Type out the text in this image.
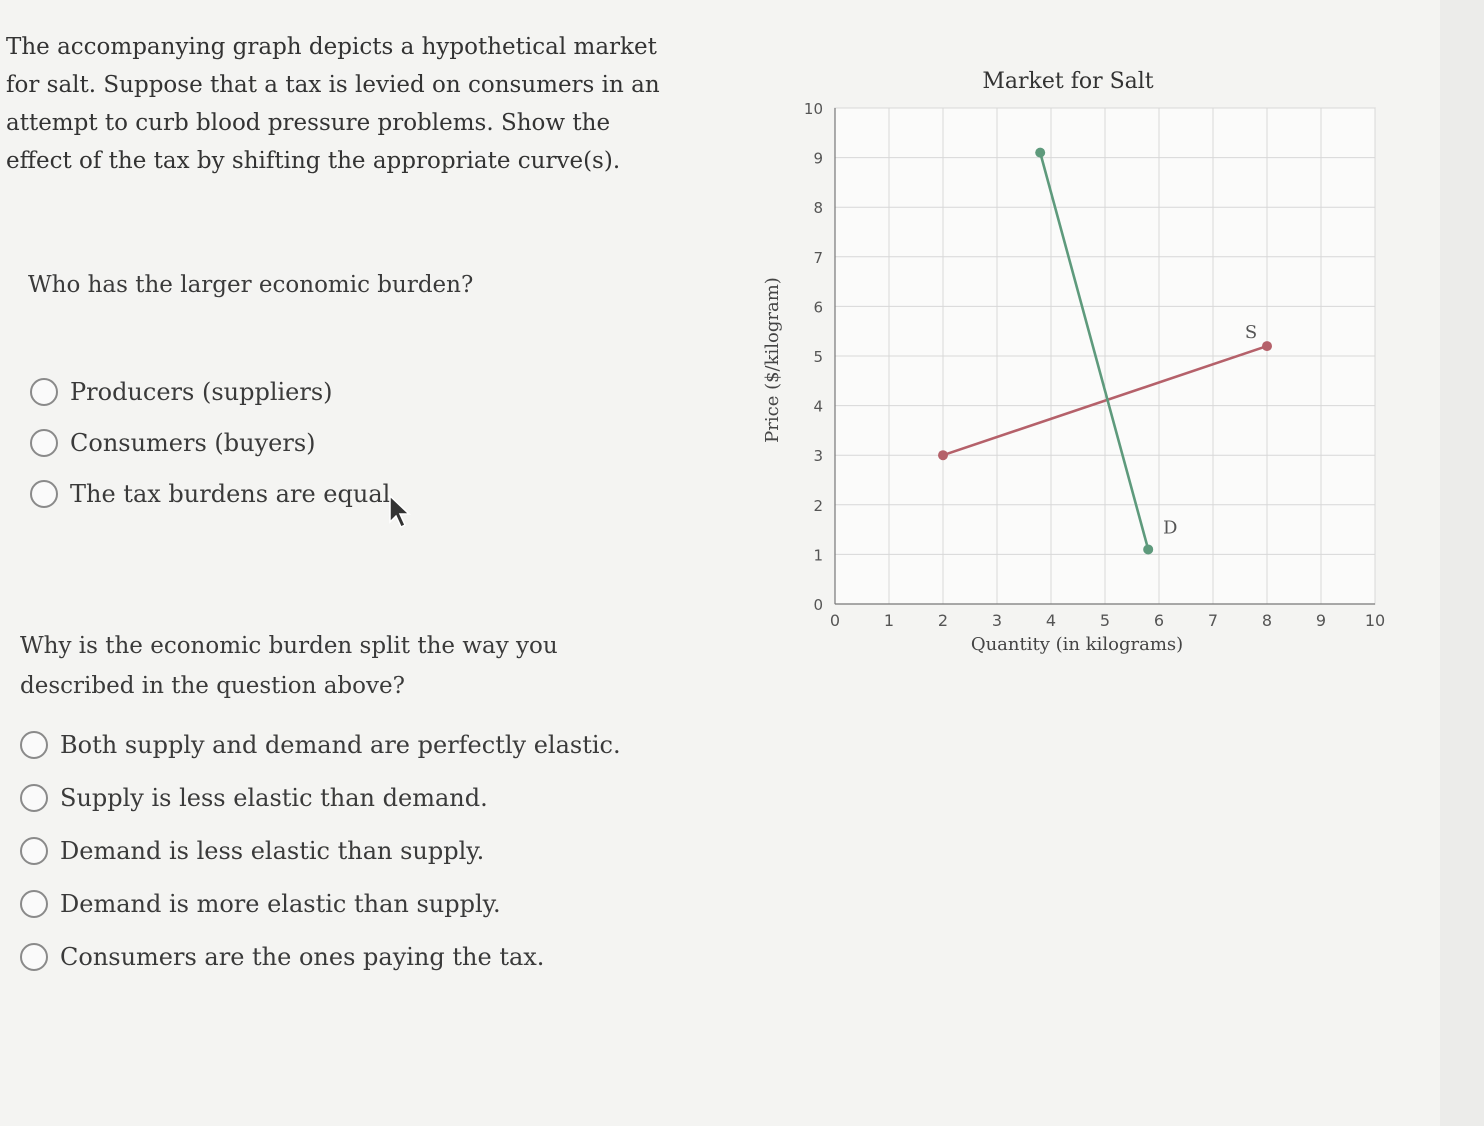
The accompanying graph depicts a hypothetical market for salt. Suppose that a tax is levied on consumers in an attempt to curb blood pressure problems. Show the effect of the tax by shifting the appropriate curve(s).
Who has the larger economic burden?
Producers (suppliers)
Consumers (buyers)
The tax burdens are equal
Why is the economic burden split the way you described in the question above?
Both supply and demand are perfectly elastic.
Supply is less elastic than demand.
Demand is less elastic than supply.
Demand is more elastic than supply.
Consumers are the ones paying the tax.
Market for Salt
0	1	2	3	4	5	6	7	8	9 10
0
1
2
3
4
5
6
7
8
9
10
Quantity (in kilograms)
Price ($/kilogram)	S
D
